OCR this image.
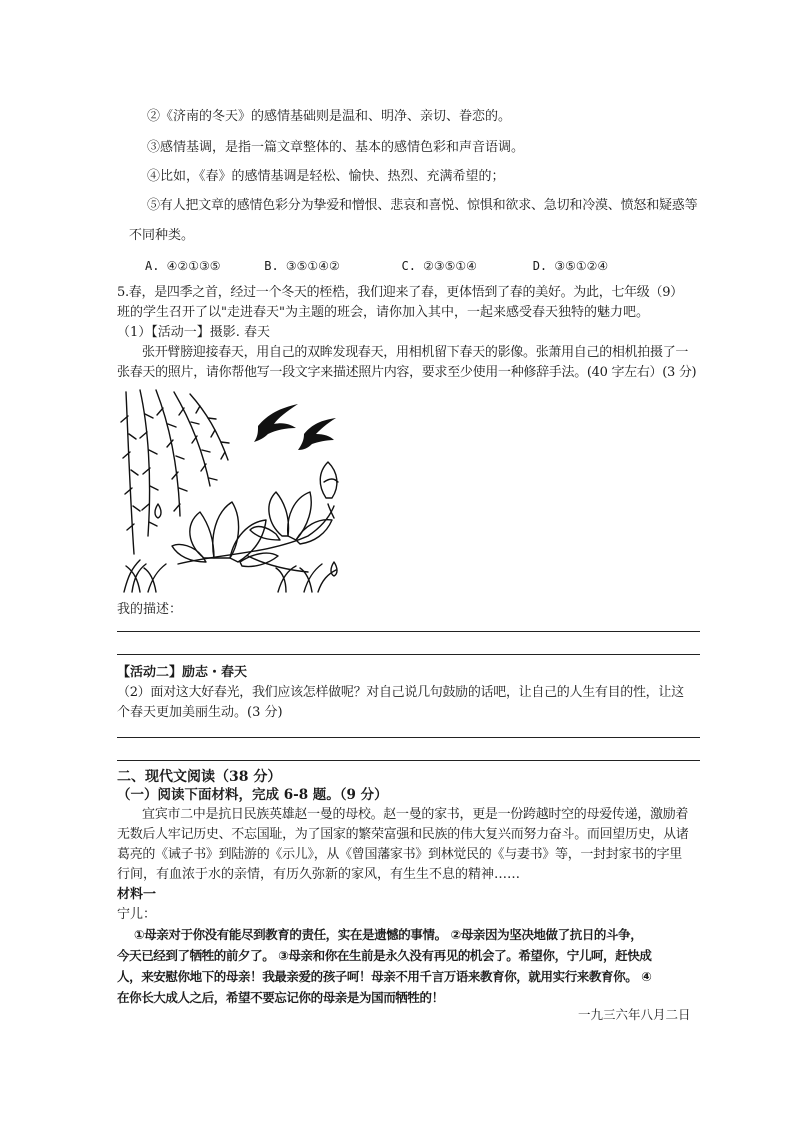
②《济南的冬天》的感情基础则是温和、明净、亲切、眷恋的。
③感情基调，是指一篇文章整体的、基本的感情色彩和声音语调。
④比如，《春》的感情基调是轻松、愉快、热烈、充满希望的；
⑤有人把文章的感情色彩分为挚爱和憎恨、悲哀和喜悦、惊惧和欲求、急切和冷漠、愤怒和疑惑等
不同种类。
A. ④②①③⑤	B. ③⑤①④②	C. ②③⑤①④	D. ③⑤①②④
5.春，是四季之首，经过一个冬天的桎梏，我们迎来了春，更体悟到了春的美好。为此，七年级（9）
班的学生召开了以"走进春天"为主题的班会，请你加入其中，一起来感受春天独特的魅力吧。
（1）【活动一】摄影. 春天
张开臂膀迎接春天，用自己的双眸发现春天，用相机留下春天的影像。张萧用自己的相机拍摄了一
张春天的照片，请你帮他写一段文字来描述照片内容，要求至少使用一种修辞手法。(40 字左右）(3 分)
我的描述：
【活动二】励志・春天
（2）面对这大好春光，我们应该怎样做呢？对自己说几句鼓励的话吧，让自己的人生有目的性，让这
个春天更加美丽生动。(3 分)
二、现代文阅读（38 分）
（一）阅读下面材料，完成 6-8 题。（9 分）
宜宾市二中是抗日民族英雄赵一曼的母校。赵一曼的家书，更是一份跨越时空的母爱传递，激励着
无数后人牢记历史、不忘国耻，为了国家的繁荣富强和民族的伟大复兴而努力奋斗。而回望历史，从诸
葛亮的《诫子书》到陆游的《示儿》，从《曾国藩家书》到林觉民的《与妻书》等，一封封家书的字里
行间，有血浓于水的亲情，有历久弥新的家风，有生生不息的精神……
材料一
宁儿：
①母亲对于你没有能尽到教育的责任，实在是遗憾的事情。 ②母亲因为坚决地做了抗日的斗争，
今天已经到了牺牲的前夕了。 ③母亲和你在生前是永久没有再见的机会了。希望你，宁儿呵，赶快成
人，来安慰你地下的母亲！我最亲爱的孩子呵！母亲不用千言万语来教育你，就用实行来教育你。 ④
在你长大成人之后，希望不要忘记你的母亲是为国而牺牲的！
一九三六年八月二日
